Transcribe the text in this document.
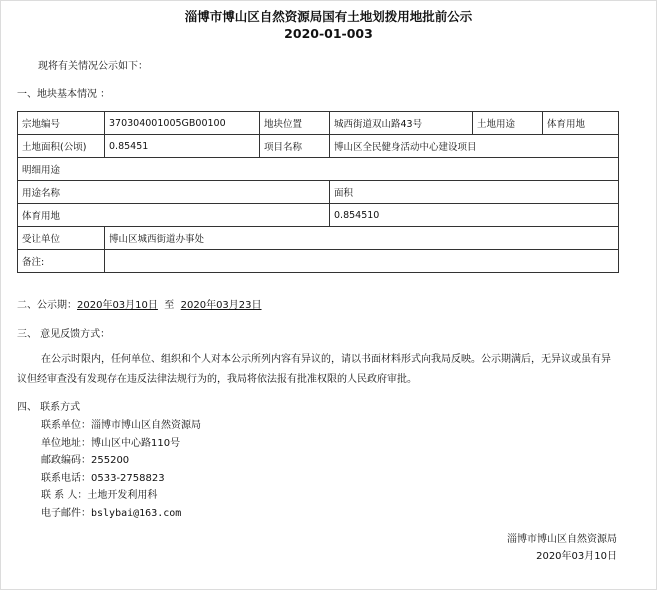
淄博市博山区自然资源局国有土地划拨用地批前公示
2020-01-003
现将有关情况公示如下：
一、地块基本情况 ：
宗地编号	370304001005GB00100	地块位置	城西街道双山路43号	土地用途	体育用地
土地面积(公顷)	0.85451	项目名称	博山区全民健身活动中心建设项目		
明细用途					
用途名称			面积		
体育用地			0.854510		
受让单位	博山区城西街道办事处				
备注:					
二、公示期：2020年03月10日 至 2020年03月23日
三、 意见反馈方式：
在公示时限内，任何单位、组织和个人对本公示所列内容有异议的，请以书面材料形式向我局反映。公示期满后，无异议或虽有异议但经审查没有发现存在违反法律法规行为的，我局将依法报有批准权限的人民政府审批。
四、 联系方式
联系单位：淄博市博山区自然资源局
单位地址：博山区中心路110号
邮政编码：255200
联系电话：0533-2758823
联 系 人：土地开发利用科
电子邮件：bslybai@163.com
淄博市博山区自然资源局
2020年03月10日
